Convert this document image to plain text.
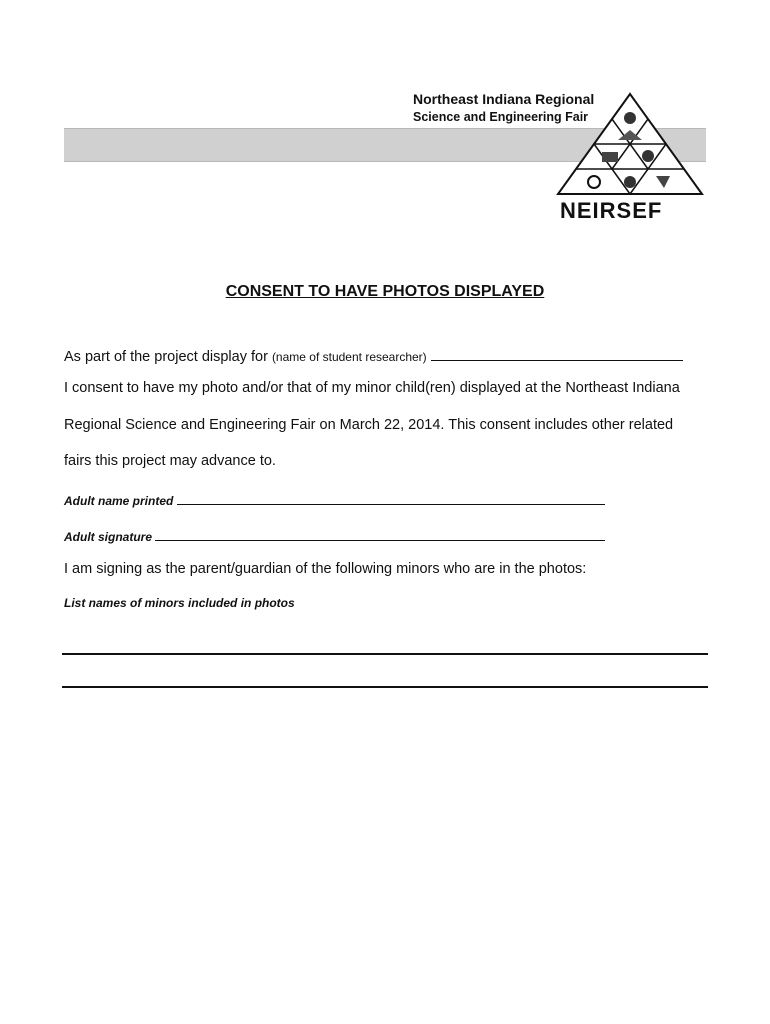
Northeast Indiana Regional
Science and Engineering Fair
NEIRSEF
CONSENT TO HAVE PHOTOS DISPLAYED
As part of the project display for (name of student researcher)
I consent to have my photo and/or that of my minor child(ren) displayed at the Northeast Indiana
Regional Science and Engineering Fair on March 22, 2014. This consent includes other related
fairs this project may advance to.
Adult name printed
Adult signature
I am signing as the parent/guardian of the following minors who are in the photos:
List names of minors included in photos
